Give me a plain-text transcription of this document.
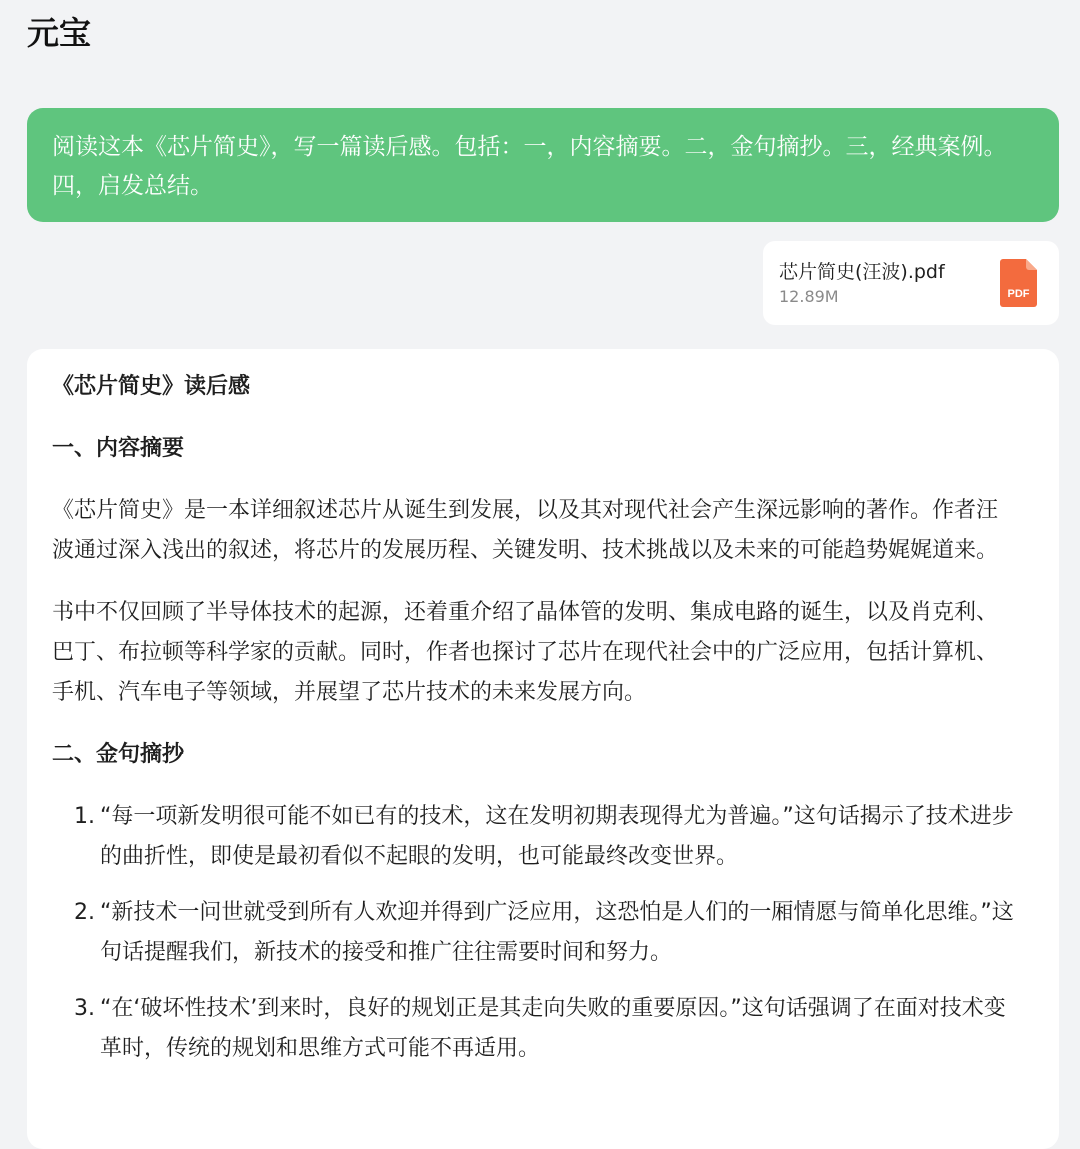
元宝
阅读这本《芯片简史》，写一篇读后感。包括：一，内容摘要。二，金句摘抄。三，经典案例。四，启发总结。
芯片简史(汪波).pdf
12.89M	PDF
《芯片简史》读后感
一、内容摘要

《芯片简史》是一本详细叙述芯片从诞生到发展，以及其对现代社会产生深远影响的著作。作者汪波通过深入浅出的叙述，将芯片的发展历程、关键发明、技术挑战以及未来的可能趋势娓娓道来。

书中不仅回顾了半导体技术的起源，还着重介绍了晶体管的发明、集成电路的诞生，以及肖克利、巴丁、布拉顿等科学家的贡献。同时，作者也探讨了芯片在现代社会中的广泛应用，包括计算机、手机、汽车电子等领域，并展望了芯片技术的未来发展方向。

二、金句摘抄
1. “每一项新发明很可能不如已有的技术，这在发明初期表现得尤为普遍。”这句话揭示了技术进步的曲折性，即使是最初看似不起眼的发明，也可能最终改变世界。
2. “新技术一问世就受到所有人欢迎并得到广泛应用，这恐怕是人们的一厢情愿与简单化思维。”这句话提醒我们，新技术的接受和推广往往需要时间和努力。
3. “在‘破坏性技术’到来时，良好的规划正是其走向失败的重要原因。”这句话强调了在面对技术变革时，传统的规划和思维方式可能不再适用。
